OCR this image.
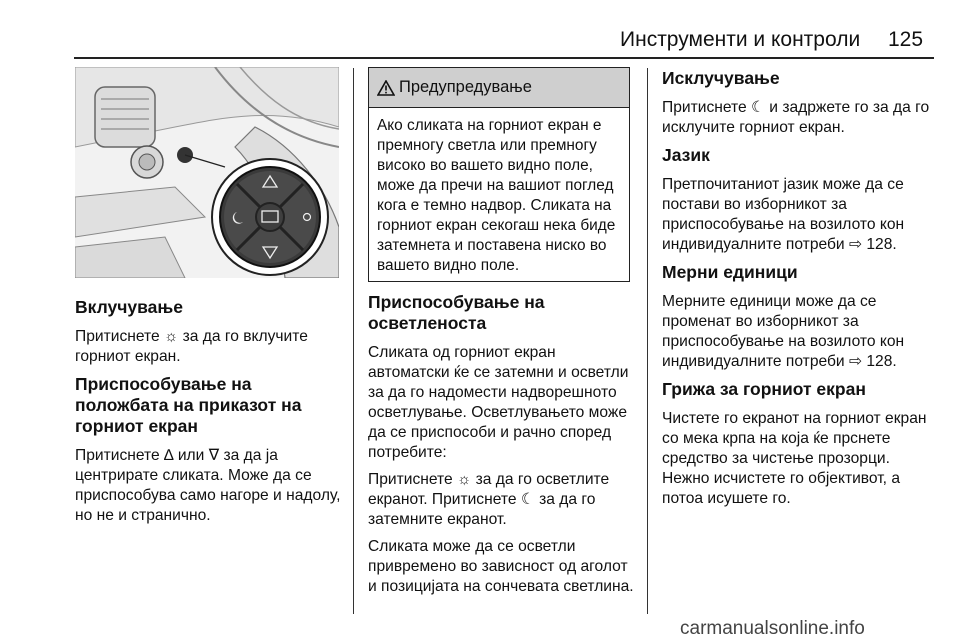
Инструменти и контроли 125
Вклучување

Притиснете ☼ за да го вклучите горниот екран.

Приспособување на положбата на приказот на горниот екран

Притиснете ∆ или ∇ за да ја центрирате сликата. Може да се приспособува само нагоре и надолу, но не и странично.

Предупредување
Ако сликата на горниот екран е премногу светла или премногу високо во вашето видно поле, може да пречи на вашиот поглед кога е темно надвор. Сликата на горниот екран секогаш нека биде затемнета и поставена ниско во вашето видно поле.
Приспособување на осветленоста

Сликата од горниот екран автоматски ќе се затемни и осветли за да го надомести надворешното осветлување. Осветлувањето може да се приспособи и рачно според потребите:

Притиснете ☼ за да го осветлите екранот. Притиснете ☾ за да го затемните екранот.

Сликата може да се осветли привремено во зависност од аголот и позицијата на сончевата светлина.

Исклучување

Притиснете ☾ и задржете го за да го исклучите горниот екран.

Јазик

Претпочитаниот јазик може да се постави во изборникот за приспособување на возилото кон индивидуалните потреби ⇨ 128.

Мерни единици

Мерните единици може да се променат во изборникот за приспособување на возилото кон индивидуалните потреби ⇨ 128.

Грижа за горниот екран

Чистете го екранот на горниот екран со мека крпа на која ќе прснете средство за чистење прозорци. Нежно исчистете го објективот, а потоа исушете го.

carmanualsonline.info
